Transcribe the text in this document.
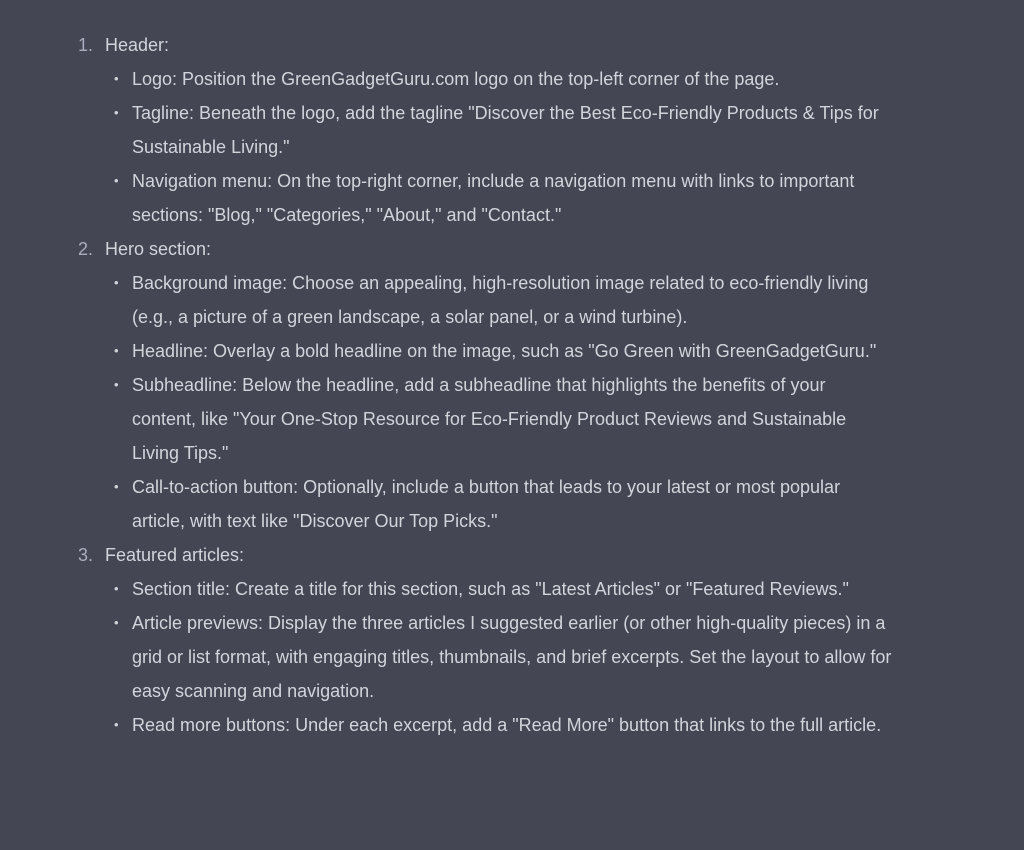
1. Header:
• Logo: Position the GreenGadgetGuru.com logo on the top-left corner of the page.
• Tagline: Beneath the logo, add the tagline "Discover the Best Eco-Friendly Products & Tips for Sustainable Living."
• Navigation menu: On the top-right corner, include a navigation menu with links to important sections: "Blog," "Categories," "About," and "Contact."
2. Hero section:
• Background image: Choose an appealing, high-resolution image related to eco-friendly living (e.g., a picture of a green landscape, a solar panel, or a wind turbine).
• Headline: Overlay a bold headline on the image, such as "Go Green with GreenGadgetGuru."
• Subheadline: Below the headline, add a subheadline that highlights the benefits of your content, like "Your One-Stop Resource for Eco-Friendly Product Reviews and Sustainable Living Tips."
• Call-to-action button: Optionally, include a button that leads to your latest or most popular article, with text like "Discover Our Top Picks."
3. Featured articles:
• Section title: Create a title for this section, such as "Latest Articles" or "Featured Reviews."
• Article previews: Display the three articles I suggested earlier (or other high-quality pieces) in a grid or list format, with engaging titles, thumbnails, and brief excerpts. Set the layout to allow for easy scanning and navigation.
• Read more buttons: Under each excerpt, add a "Read More" button that links to the full article.
